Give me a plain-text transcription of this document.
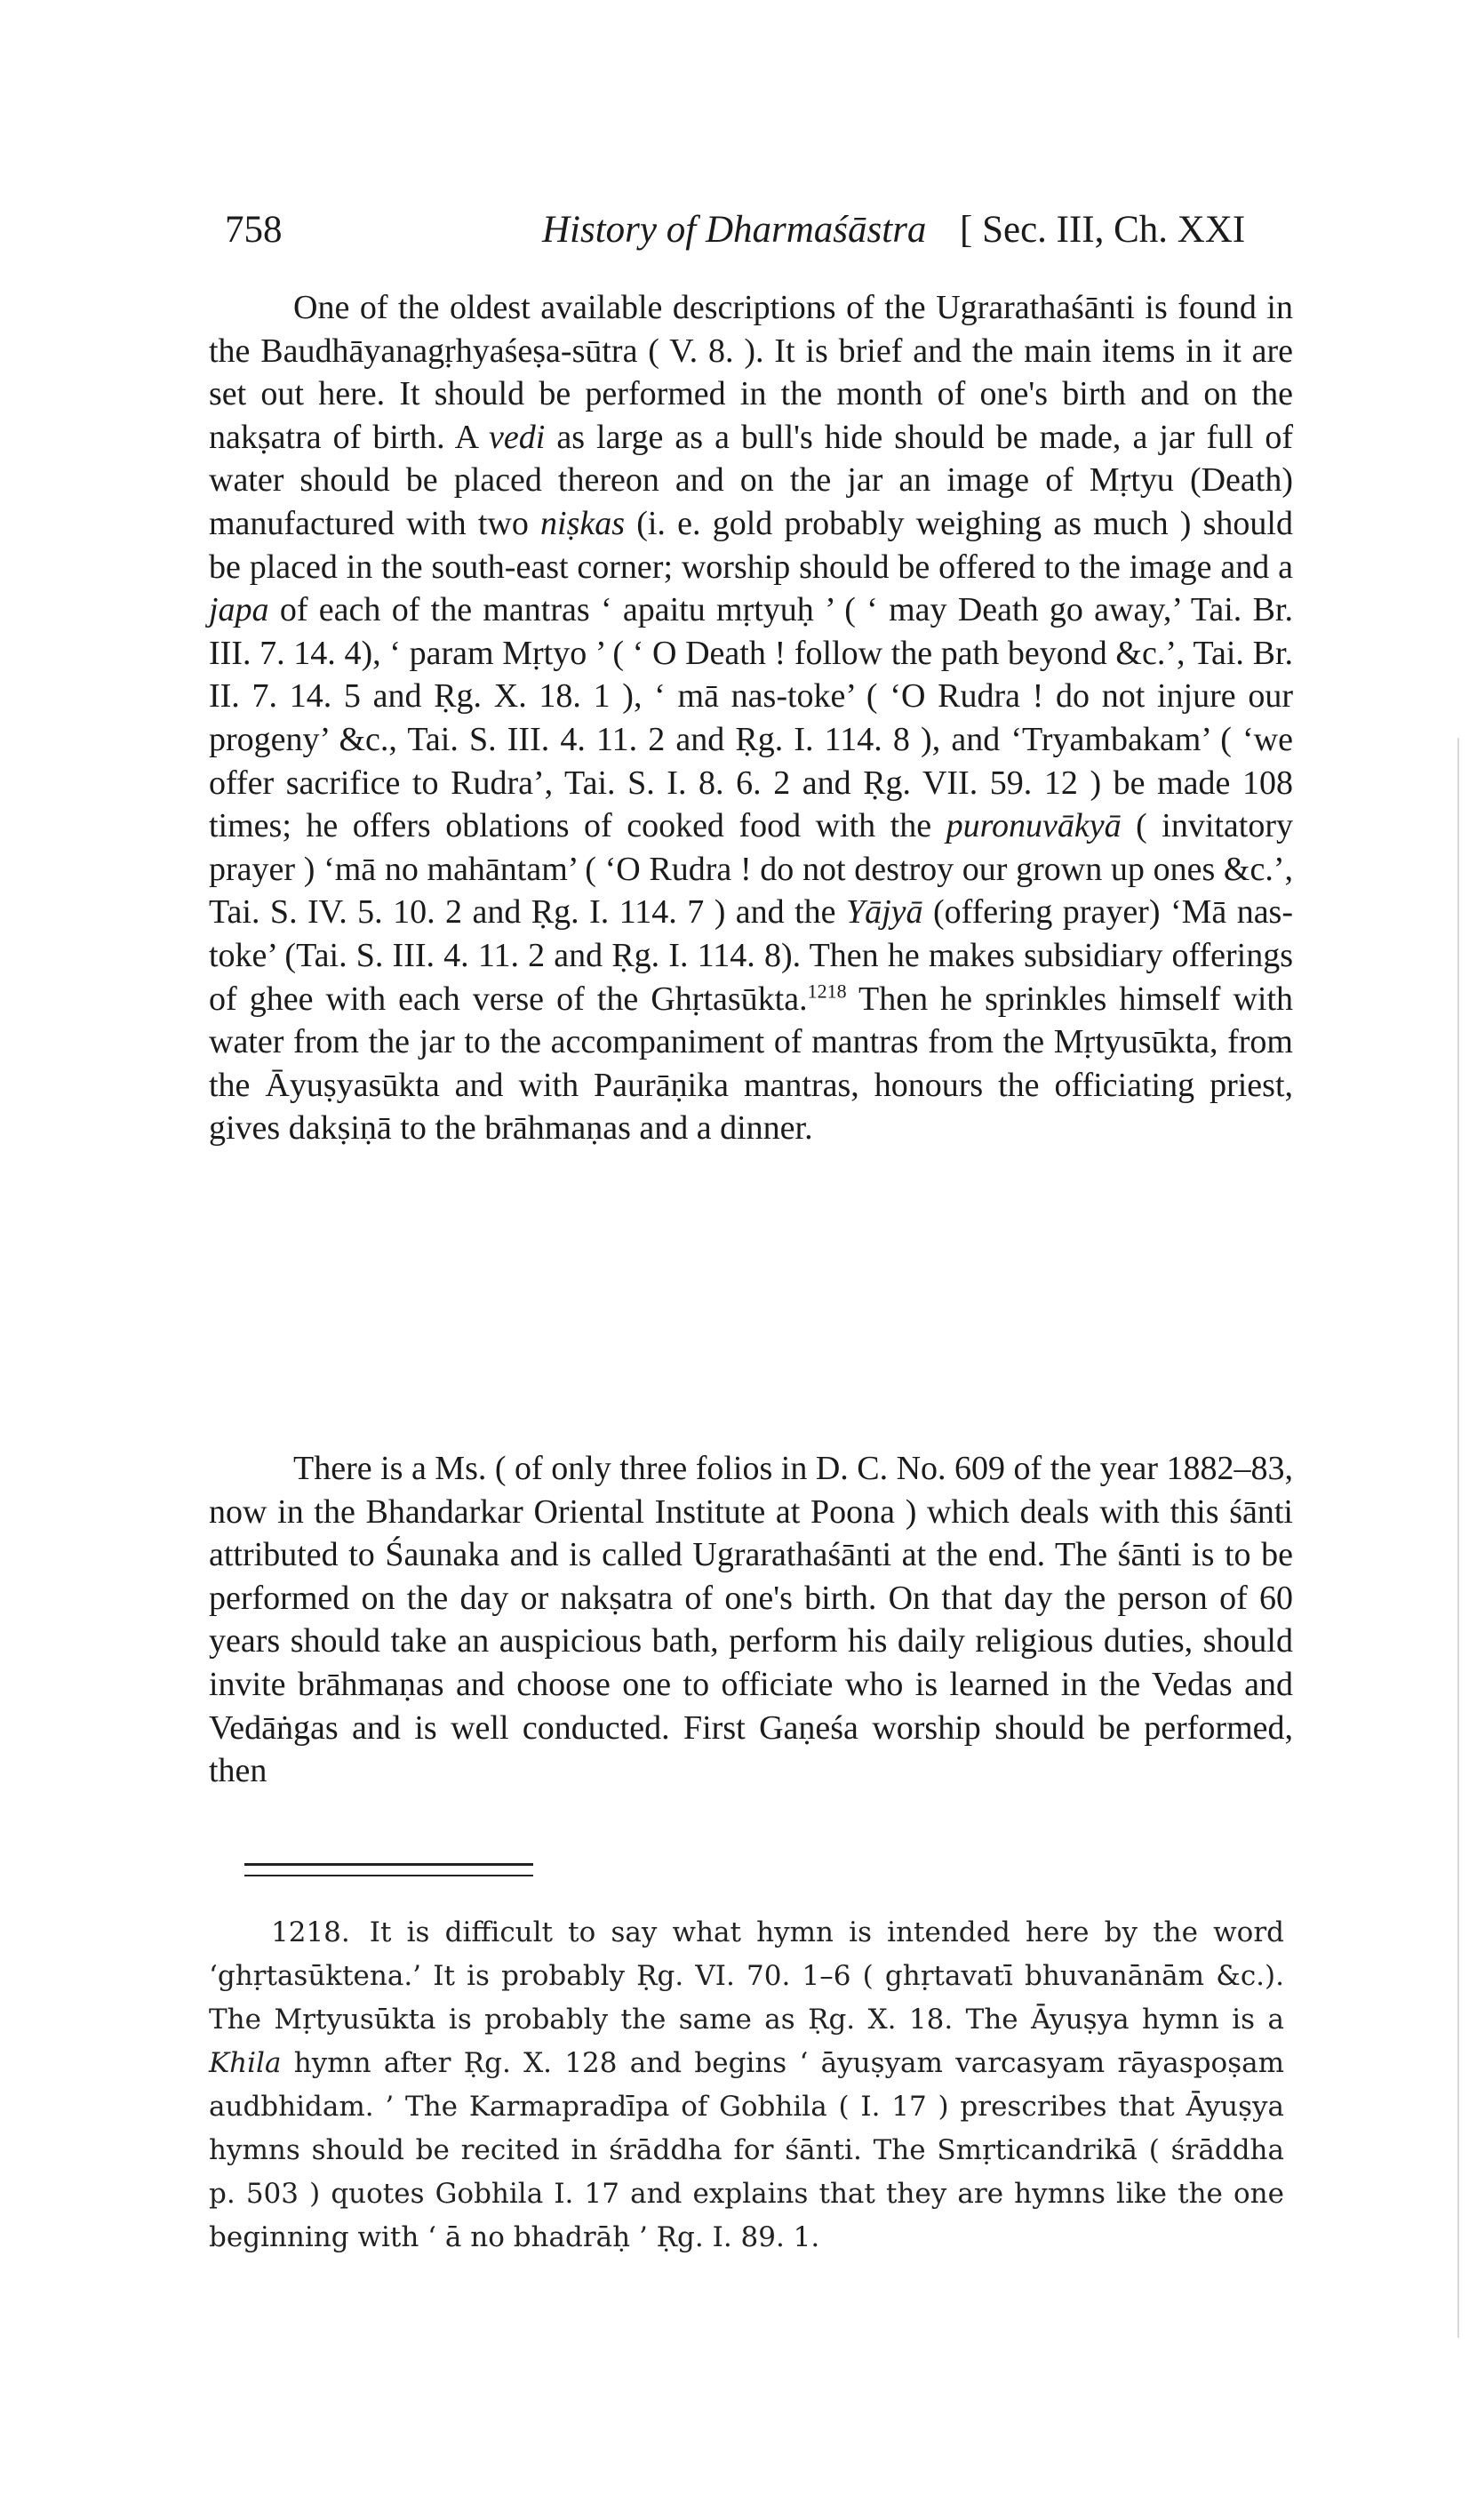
758	History of Dharmaśāstra [ Sec. III, Ch. XXI

One of the oldest available descriptions of the Ugrarathaśānti is found in the Baudhāyanagṛhyaśeṣa-sūtra ( V. 8. ). It is brief and the main items in it are set out here. It should be performed in the month of one's birth and on the nakṣatra of birth. A vedi as large as a bull's hide should be made, a jar full of water should be placed thereon and on the jar an image of Mṛtyu (Death) manufactured with two niṣkas (i. e. gold probably weighing as much ) should be placed in the south-east corner; worship should be offered to the image and a japa of each of the mantras ‘ apaitu mṛtyuḥ ’ ( ‘ may Death go away,’ Tai. Br. III. 7. 14. 4), ‘ param Mṛtyo ’ ( ‘ O Death ! follow the path beyond &c.’, Tai. Br. II. 7. 14. 5 and Ṛg. X. 18. 1 ), ‘ mā nas-toke’ ( ‘O Rudra ! do not injure our progeny’ &c., Tai. S. III. 4. 11. 2 and Ṛg. I. 114. 8 ), and ‘Tryambakam’ ( ‘we offer sacrifice to Rudra’, Tai. S. I. 8. 6. 2 and Ṛg. VII. 59. 12 ) be made 108 times; he offers oblations of cooked food with the puronuvākyā ( invitatory prayer ) ‘mā no mahāntam’ ( ‘O Rudra ! do not destroy our grown up ones &c.’, Tai. S. IV. 5. 10. 2 and Ṛg. I. 114. 7 ) and the Yājyā (offering prayer) ‘Mā nas-toke’ (Tai. S. III. 4. 11. 2 and Ṛg. I. 114. 8). Then he makes subsidiary offerings of ghee with each verse of the Ghṛtasūkta.$^{1218}$ Then he sprinkles himself with water from the jar to the accompaniment of mantras from the Mṛtyusūkta, from the Āyuṣyasūkta and with Paurāṇika mantras, honours the officiating priest, gives dakṣiṇā to the brāhmaṇas and a dinner.

There is a Ms. ( of only three folios in D. C. No. 609 of the year 1882–83, now in the Bhandarkar Oriental Institute at Poona ) which deals with this śānti attributed to Śaunaka and is called Ugrarathaśānti at the end. The śānti is to be performed on the day or nakṣatra of one's birth. On that day the person of 60 years should take an auspicious bath, perform his daily religious duties, should invite brāhmaṇas and choose one to officiate who is learned in the Vedas and Vedāṅgas and is well conducted. First Gaṇeśa worship should be performed, then

1218. It is difficult to say what hymn is intended here by the word ‘ghṛtasūktena.’ It is probably Ṛg. VI. 70. 1–6 ( ghṛtavatī bhuvanānām &c.). The Mṛtyusūkta is probably the same as Ṛg. X. 18. The Āyuṣya hymn is a Khila hymn after Ṛg. X. 128 and begins ‘ āyuṣyam varcasyam rāyaspoṣam audbhidam. ’ The Karmapradīpa of Gobhila ( I. 17 ) prescribes that Āyuṣya hymns should be recited in śrāddha for śānti. The Smṛticandrikā ( śrāddha p. 503 ) quotes Gobhila I. 17 and explains that they are hymns like the one beginning with ‘ ā no bhadrāḥ ’ Ṛg. I. 89. 1.
